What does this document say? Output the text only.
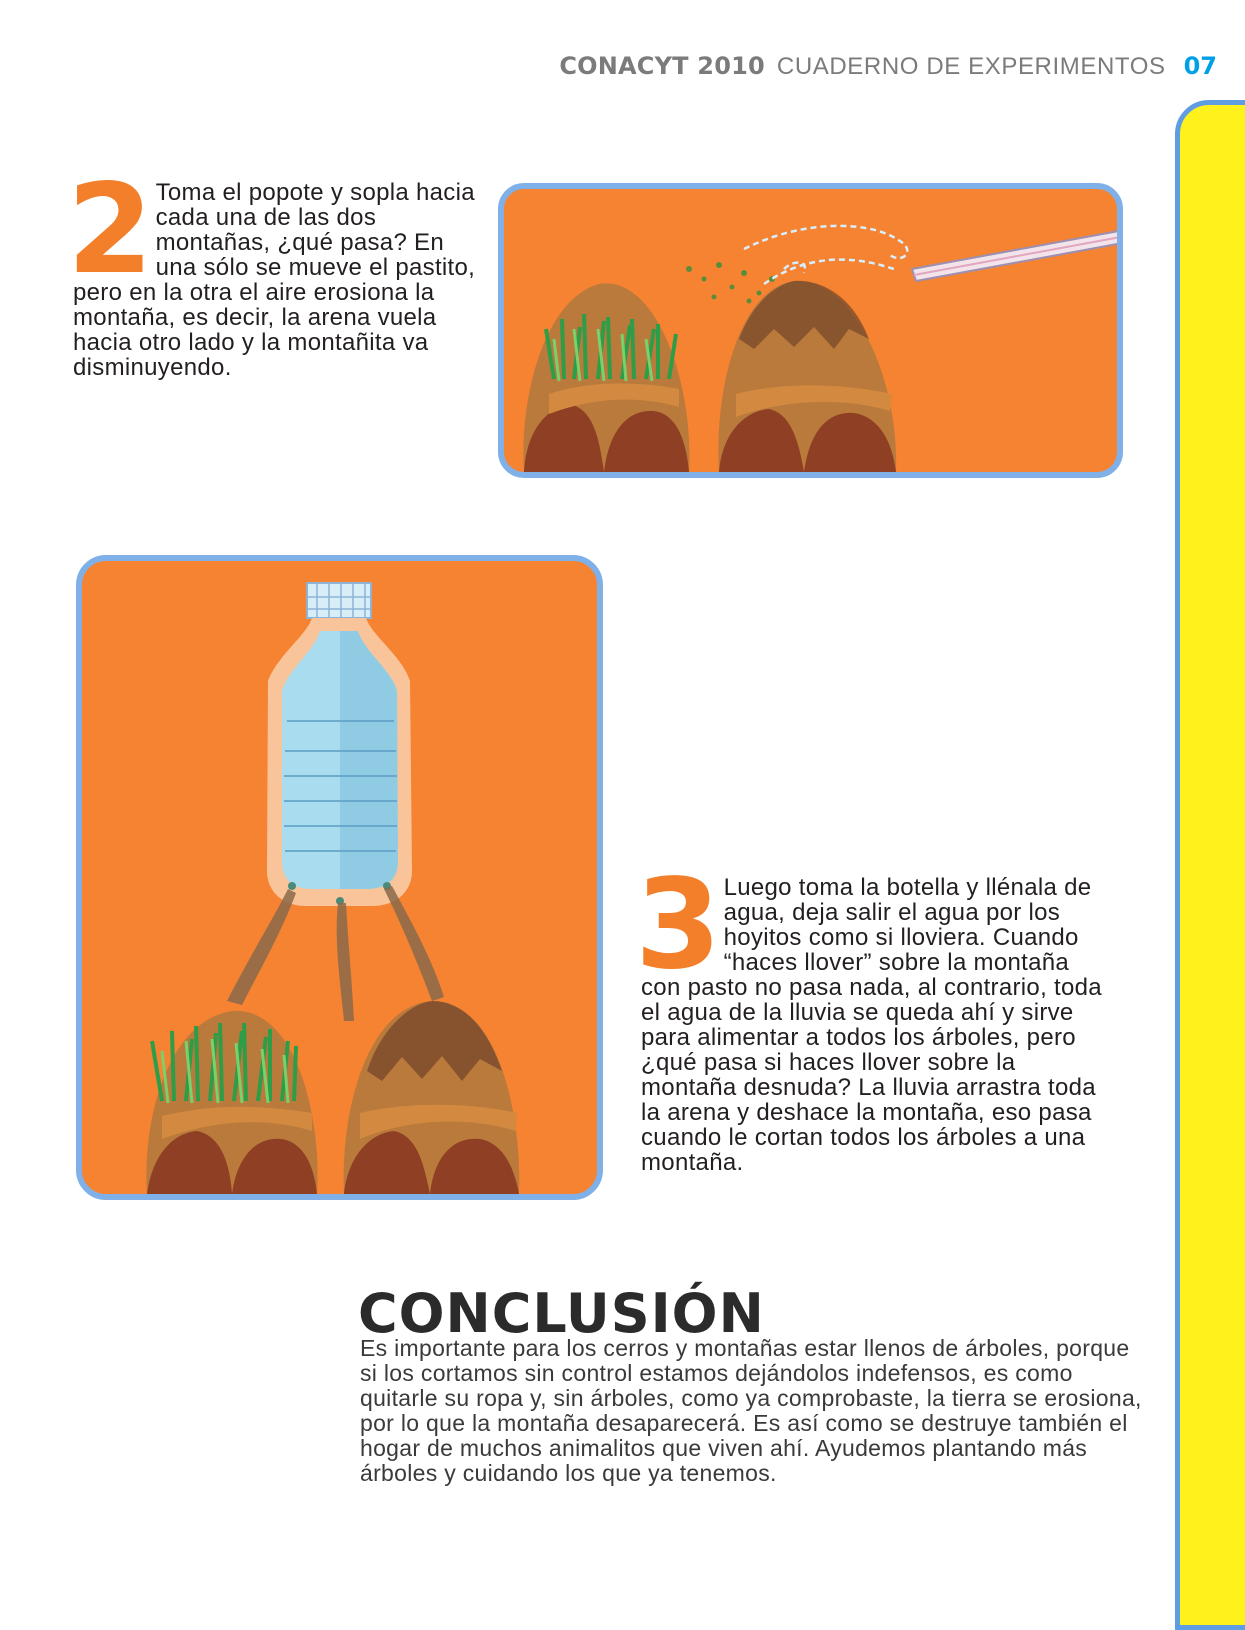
CONACYT 2010 CUADERNO DE EXPERIMENTOS 07
2 Toma el popote y sopla hacia cada una de las dos montañas, ¿qué pasa? En una sólo se mueve el pastito, pero en la otra el aire erosiona la montaña, es decir, la arena vuela hacia otro lado y la montañita va disminuyendo.

3 Luego toma la botella y llénala de agua, deja salir el agua por los hoyitos como si lloviera. Cuando “haces llover” sobre la montaña con pasto no pasa nada, al contrario, toda el agua de la lluvia se queda ahí y sirve para alimentar a todos los árboles, pero ¿qué pasa si haces llover sobre la montaña desnuda? La lluvia arrastra toda la arena y deshace la montaña, eso pasa cuando le cortan todos los árboles a una montaña.

CONCLUSIÓN

Es importante para los cerros y montañas estar llenos de árboles, porque si los cortamos sin control estamos dejándolos indefensos, es como quitarle su ropa y, sin árboles, como ya comprobaste, la tierra se erosiona, por lo que la montaña desaparecerá. Es así como se destruye también el hogar de muchos animalitos que viven ahí. Ayudemos plantando más árboles y cuidando los que ya tenemos.
